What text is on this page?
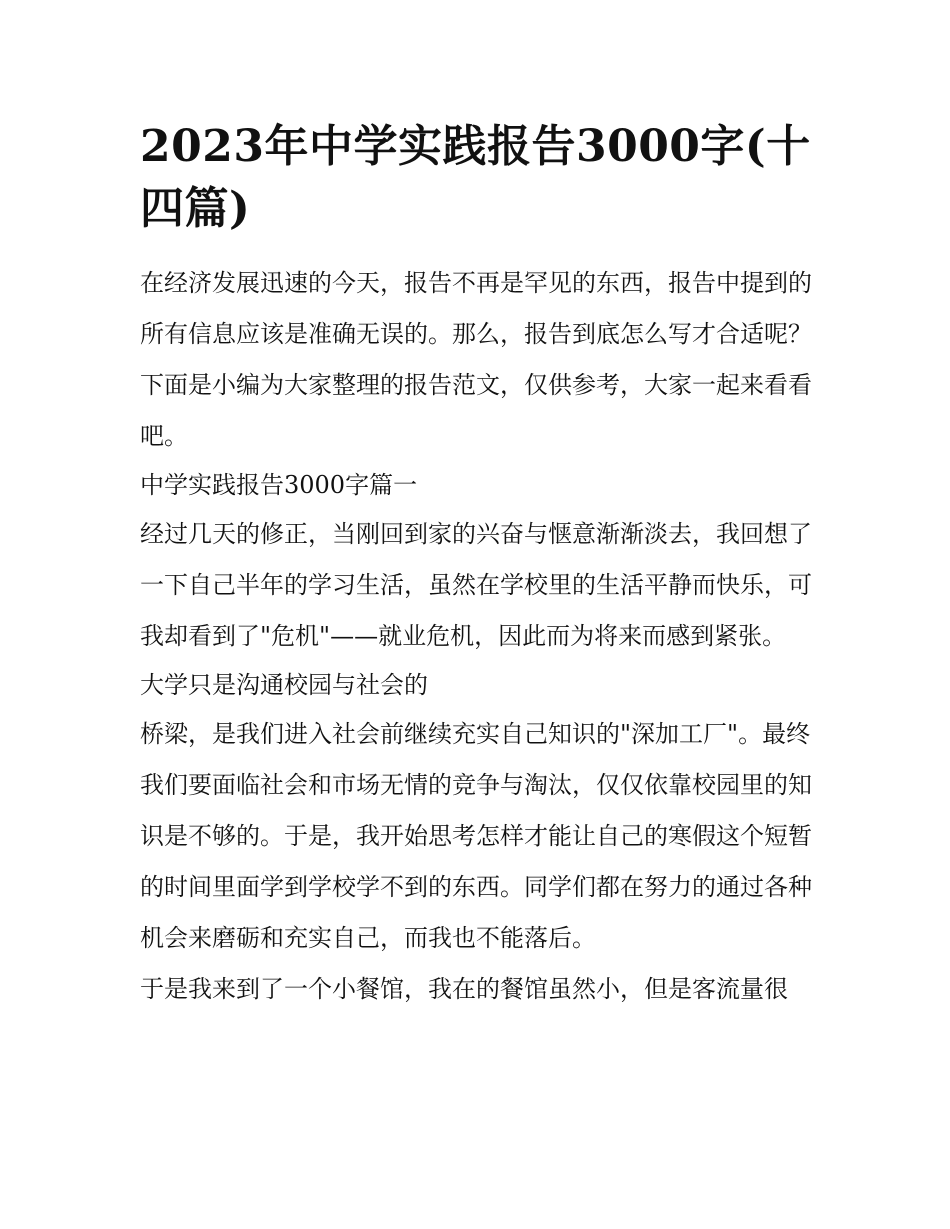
2023年中学实践报告3000字(十四篇)

在经济发展迅速的今天，报告不再是罕见的东西，报告中提到的所有信息应该是准确无误的。那么，报告到底怎么写才合适呢？下面是小编为大家整理的报告范文，仅供参考，大家一起来看看吧。

中学实践报告3000字篇一

经过几天的修正，当刚回到家的兴奋与惬意渐渐淡去，我回想了一下自己半年的学习生活，虽然在学校里的生活平静而快乐，可我却看到了"危机"——就业危机，因此而为将来而感到紧张。

大学只是沟通校园与社会的

桥梁，是我们进入社会前继续充实自己知识的"深加工厂"。最终我们要面临社会和市场无情的竞争与淘汰，仅仅依靠校园里的知识是不够的。于是，我开始思考怎样才能让自己的寒假这个短暂的时间里面学到学校学不到的东西。同学们都在努力的通过各种机会来磨砺和充实自己，而我也不能落后。

于是我来到了一个小餐馆，我在的餐馆虽然小，但是客流量很
